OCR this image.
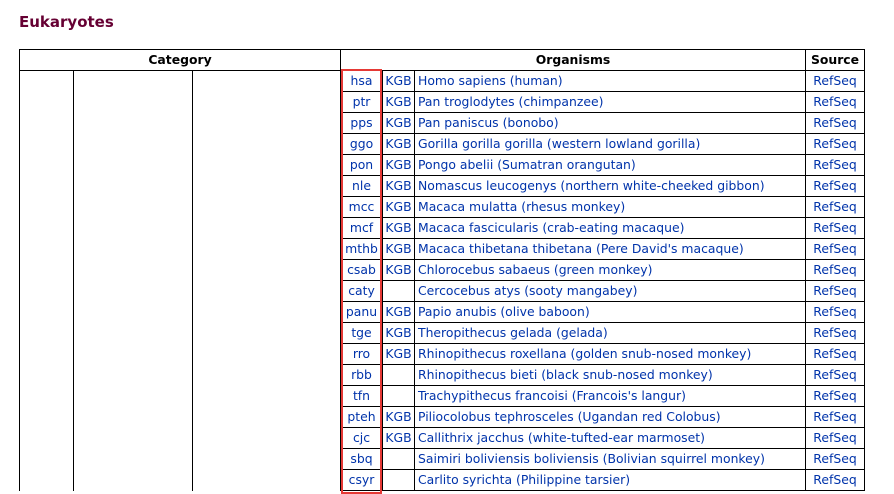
Eukaryotes
Category			Organisms			Source
			hsa	KGB	Homo sapiens (human)	RefSeq
			ptr	KGB	Pan troglodytes (chimpanzee)	RefSeq
			pps	KGB	Pan paniscus (bonobo)	RefSeq
			ggo	KGB	Gorilla gorilla gorilla (western lowland gorilla)	RefSeq
			pon	KGB	Pongo abelii (Sumatran orangutan)	RefSeq
			nle	KGB	Nomascus leucogenys (northern white-cheeked gibbon)	RefSeq
			mcc	KGB	Macaca mulatta (rhesus monkey)	RefSeq
			mcf	KGB	Macaca fascicularis (crab-eating macaque)	RefSeq
			mthb	KGB	Macaca thibetana thibetana (Pere David's macaque)	RefSeq
			csab	KGB	Chlorocebus sabaeus (green monkey)	RefSeq
			caty		Cercocebus atys (sooty mangabey)	RefSeq
			panu	KGB	Papio anubis (olive baboon)	RefSeq
			tge	KGB	Theropithecus gelada (gelada)	RefSeq
			rro	KGB	Rhinopithecus roxellana (golden snub-nosed monkey)	RefSeq
			rbb		Rhinopithecus bieti (black snub-nosed monkey)	RefSeq
			tfn		Trachypithecus francoisi (Francois's langur)	RefSeq
			pteh	KGB	Piliocolobus tephrosceles (Ugandan red Colobus)	RefSeq
			cjc	KGB	Callithrix jacchus (white-tufted-ear marmoset)	RefSeq
			sbq		Saimiri boliviensis boliviensis (Bolivian squirrel monkey)	RefSeq
			csyr		Carlito syrichta (Philippine tarsier)	RefSeq
